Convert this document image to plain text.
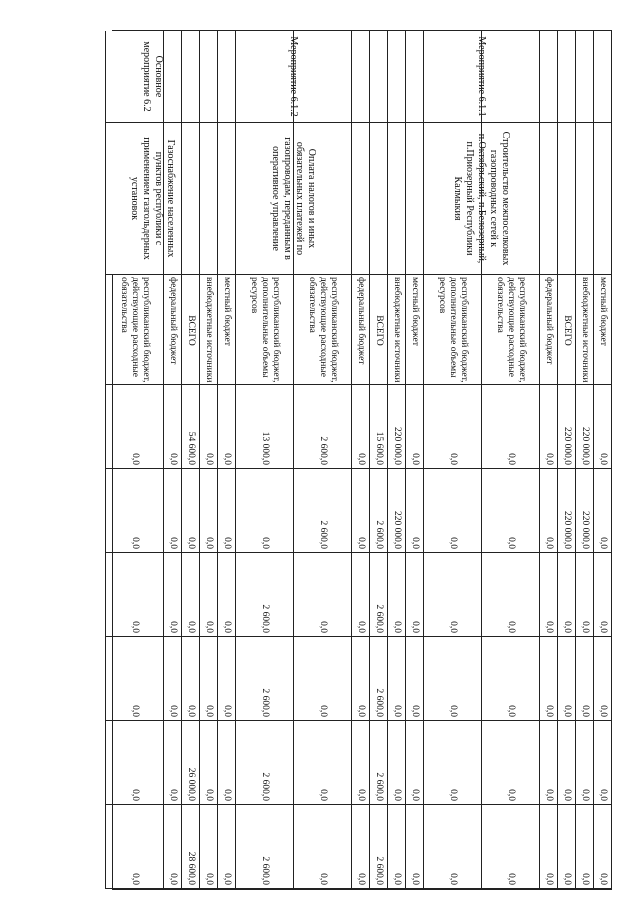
Мероприятие 6.1.1
Строительство межпоселковых газопроводных сетей к п.Октябрьский, п.Белозерный, п.Приозерный Республики Калмыкия
Мероприятие 6.1.2
Оплата налогов и иных обязательных платежей по газопроводам, переданным в оперативное управление
Основное мероприятие 6.2
Газоснабжение населенных пунктов республики с применением газгольдерных установок
местный бюджет
0,0
0,0
0,0
0,0
0,0
0,0
внебюджетные источники
220 000,0
220 000,0
0,0
0,0
0,0
0,0
ВСЕГО
220 000,0
220 000,0
0,0
0,0
0,0
0,0
федеральный бюджет
0,0
0,0
0,0
0,0
0,0
0,0
республиканский бюджет, действующие расходные обязательства
0,0
0,0
0,0
0,0
0,0
0,0
республиканский бюджет, дополнительные объемы ресурсов
0,0
0,0
0,0
0,0
0,0
0,0
местный бюджет
0,0
0,0
0,0
0,0
0,0
0,0
внебюджетные источники
220 000,0
220 000,0
0,0
0,0
0,0
0,0
ВСЕГО
15 600,0
2 600,0
2 600,0
2 600,0
2 600,0
2 600,0
федеральный бюджет
0,0
0,0
0,0
0,0
0,0
0,0
республиканский бюджет, действующие расходные обязательства
2 600,0
2 600,0
0,0
0,0
0,0
0,0
республиканский бюджет, дополнительные объемы ресурсов
13 000,0
0,0
2 600,0
2 600,0
2 600,0
2 600,0
местный бюджет
0,0
0,0
0,0
0,0
0,0
0,0
внебюджетные источники
0,0
0,0
0,0
0,0
0,0
0,0
ВСЕГО
54 600,0
0,0
0,0
0,0
26 000,0
28 600,0
федеральный бюджет
0,0
0,0
0,0
0,0
0,0
0,0
республиканский бюджет, действующие расходные обязательства
0,0
0,0
0,0
0,0
0,0
0,0
